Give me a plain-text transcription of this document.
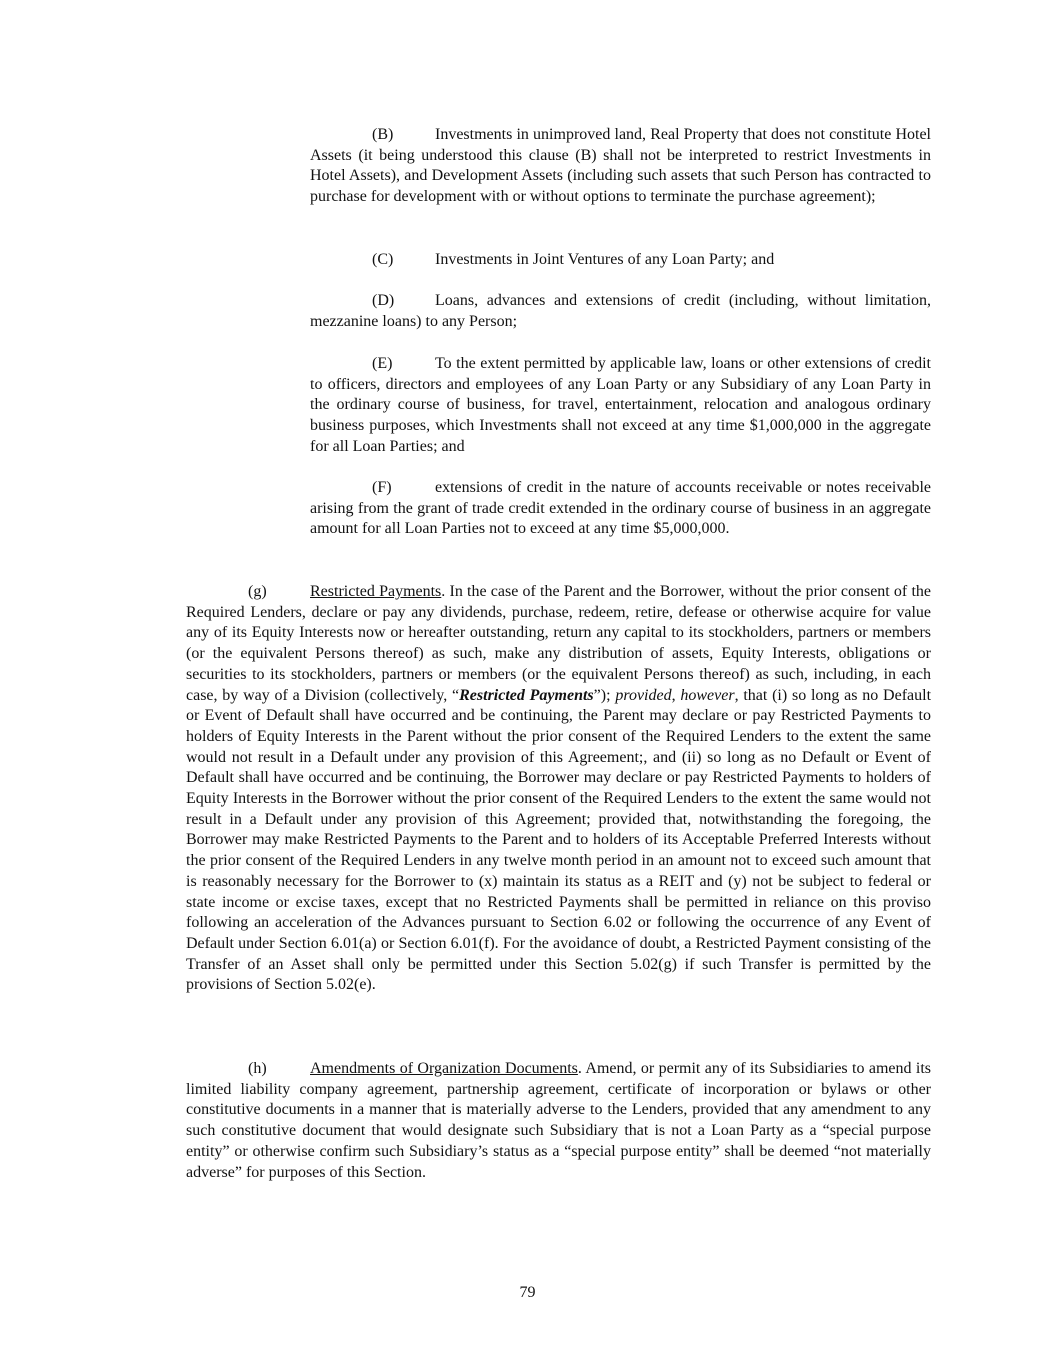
(B)	Investments in unimproved land, Real Property that does not constitute Hotel Assets (it being understood this clause (B) shall not be interpreted to restrict Investments in Hotel Assets), and Development Assets (including such assets that such Person has contracted to purchase for development with or without options to terminate the purchase agreement);

(C)	Investments in Joint Ventures of any Loan Party; and

(D)	Loans, advances and extensions of credit (including, without limitation, mezzanine loans) to any Person;

(E)	To the extent permitted by applicable law, loans or other extensions of credit to officers, directors and employees of any Loan Party or any Subsidiary of any Loan Party in the ordinary course of business, for travel, entertainment, relocation and analogous ordinary business purposes, which Investments shall not exceed at any time $1,000,000 in the aggregate for all Loan Parties; and

(F)	extensions of credit in the nature of accounts receivable or notes receivable arising from the grant of trade credit extended in the ordinary course of business in an aggregate amount for all Loan Parties not to exceed at any time $5,000,000.

(g)	Restricted Payments. In the case of the Parent and the Borrower, without the prior consent of the Required Lenders, declare or pay any dividends, purchase, redeem, retire, defease or otherwise acquire for value any of its Equity Interests now or hereafter outstanding, return any capital to its stockholders, partners or members (or the equivalent Persons thereof) as such, make any distribution of assets, Equity Interests, obligations or securities to its stockholders, partners or members (or the equivalent Persons thereof) as such, including, in each case, by way of a Division (collectively, “Restricted Payments”); provided, however, that (i) so long as no Default or Event of Default shall have occurred and be continuing, the Parent may declare or pay Restricted Payments to holders of Equity Interests in the Parent without the prior consent of the Required Lenders to the extent the same would not result in a Default under any provision of this Agreement;, and (ii) so long as no Default or Event of Default shall have occurred and be continuing, the Borrower may declare or pay Restricted Payments to holders of Equity Interests in the Borrower without the prior consent of the Required Lenders to the extent the same would not result in a Default under any provision of this Agreement; provided that, notwithstanding the foregoing, the Borrower may make Restricted Payments to the Parent and to holders of its Acceptable Preferred Interests without the prior consent of the Required Lenders in any twelve month period in an amount not to exceed such amount that is reasonably necessary for the Borrower to (x) maintain its status as a REIT and (y) not be subject to federal or state income or excise taxes, except that no Restricted Payments shall be permitted in reliance on this proviso following an acceleration of the Advances pursuant to Section 6.02 or following the occurrence of any Event of Default under Section 6.01(a) or Section 6.01(f). For the avoidance of doubt, a Restricted Payment consisting of the Transfer of an Asset shall only be permitted under this Section 5.02(g) if such Transfer is permitted by the provisions of Section 5.02(e).

(h)	Amendments of Organization Documents. Amend, or permit any of its Subsidiaries to amend its limited liability company agreement, partnership agreement, certificate of incorporation or bylaws or other constitutive documents in a manner that is materially adverse to the Lenders, provided that any amendment to any such constitutive document that would designate such Subsidiary that is not a Loan Party as a “special purpose entity” or otherwise confirm such Subsidiary’s status as a “special purpose entity” shall be deemed “not materially adverse” for purposes of this Section.

79
